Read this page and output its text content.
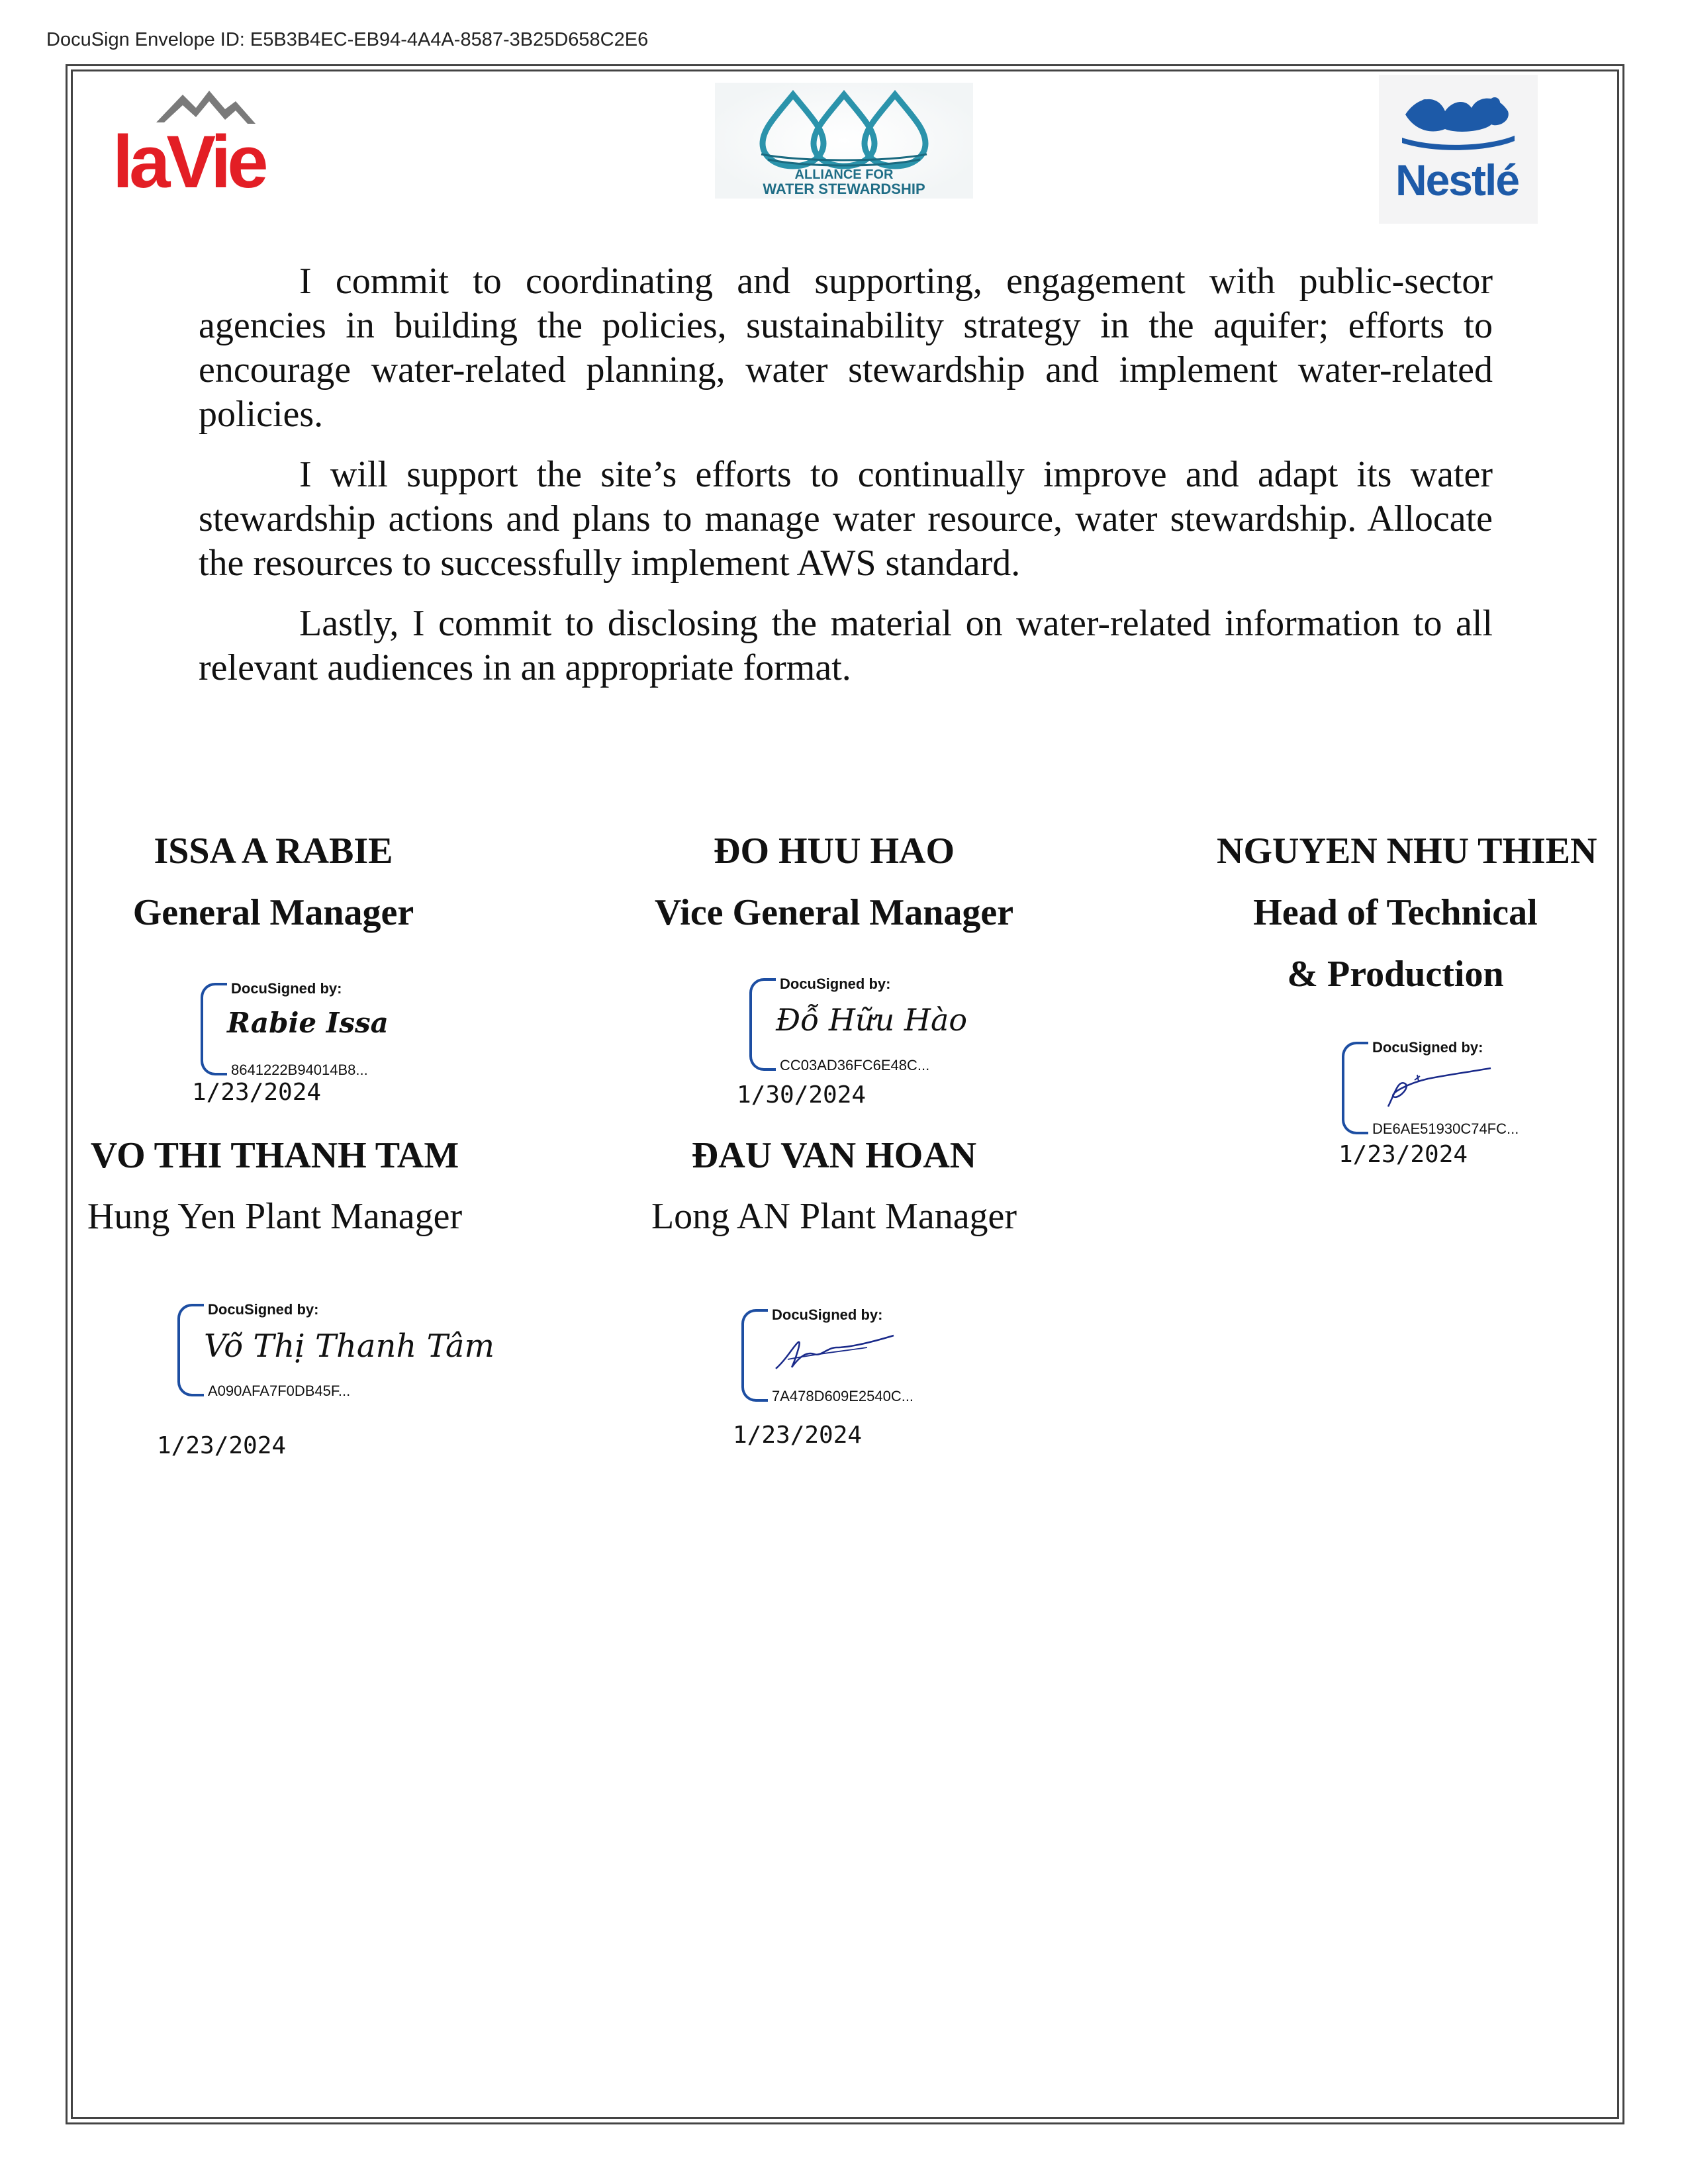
DocuSign Envelope ID: E5B3B4EC-EB94-4A4A-8587-3B25D658C2E6
laVie	ALLIANCE FOR
WATER STEWARDSHIP	Nestlé

I commit to coordinating and supporting, engagement with public-sector agencies in building the policies, sustainability strategy in the aquifer; efforts to encourage water-related planning, water stewardship and implement water-related policies.

I will support the site’s efforts to continually improve and adapt its water stewardship actions and plans to manage water resource, water stewardship. Allocate the resources to successfully implement AWS standard.

Lastly, I commit to disclosing the material on water-related information to all relevant audiences in an appropriate format.

ISSA A RABIE
General Manager
DocuSigned by:
Rabie Issa
8641222B94014B8...
1/23/2024
ĐO HUU HAO
Vice General Manager
DocuSigned by:
Đỗ Hữu Hào
CC03AD36FC6E48C...
1/30/2024
NGUYEN NHU THIEN
Head of Technical
& Production
DocuSigned by:
DE6AE51930C74FC...
1/23/2024
VO THI THANH TAM
Hung Yen Plant Manager
DocuSigned by:
Võ Thị Thanh Tâm
A090AFA7F0DB45F...
1/23/2024
ĐAU VAN HOAN
Long AN Plant Manager
DocuSigned by:
7A478D609E2540C...
1/23/2024
